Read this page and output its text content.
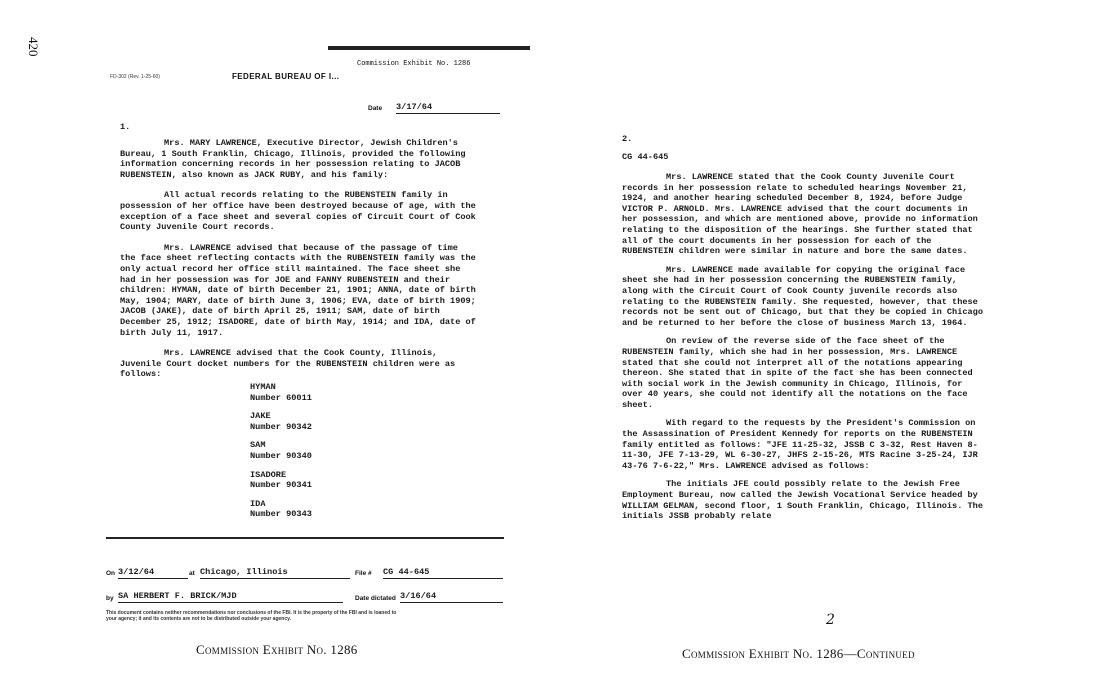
420
Commission Exhibit No. 1286
FD-302 (Rev. 1-25-60)	FEDERAL BUREAU OF I...
Date 3/17/64
1.

Mrs. MARY LAWRENCE, Executive Director, Jewish Children's Bureau, 1 South Franklin, Chicago, Illinois, provided the following information concerning records in her possession relating to JACOB RUBENSTEIN, also known as JACK RUBY, and his family:

All actual records relating to the RUBENSTEIN family in possession of her office have been destroyed because of age, with the exception of a face sheet and several copies of Circuit Court of Cook County Juvenile Court records.

Mrs. LAWRENCE advised that because of the passage of time the face sheet reflecting contacts with the RUBENSTEIN family was the only actual record her office still maintained. The face sheet she had in her possession was for JOE and FANNY RUBENSTEIN and their children: HYMAN, date of birth December 21, 1901; ANNA, date of birth May, 1904; MARY, date of birth June 3, 1906; EVA, date of birth 1909; JACOB (JAKE), date of birth April 25, 1911; SAM, date of birth December 25, 1912; ISADORE, date of birth May, 1914; and IDA, date of birth July 11, 1917.

Mrs. LAWRENCE advised that the Cook County, Illinois, Juvenile Court docket numbers for the RUBENSTEIN children were as follows:

HYMAN
Number 60011
JAKE
Number 90342
SAM
Number 90340
ISADORE
Number 90341
IDA
Number 90343
On 3/12/64	at Chicago, Illinois	File # CG 44-645
by SA HERBERT F. BRICK/MJD	Date dictated 3/16/64
This document contains neither recommendations nor conclusions of the FBI. It is the property of the FBI and is loaned to
your agency; it and its contents are not to be distributed outside your agency.
Commission Exhibit No. 1286
2.
CG 44-645

Mrs. LAWRENCE stated that the Cook County Juvenile Court records in her possession relate to scheduled hearings November 21, 1924, and another hearing scheduled December 8, 1924, before Judge VICTOR P. ARNOLD. Mrs. LAWRENCE advised that the court documents in her possession, and which are mentioned above, provide no information relating to the disposition of the hearings. She further stated that all of the court documents in her possession for each of the RUBENSTEIN children were similar in nature and bore the same dates.

Mrs. LAWRENCE made available for copying the original face sheet she had in her possession concerning the RUBENSTEIN family, along with the Circuit Court of Cook County juvenile records also relating to the RUBENSTEIN family. She requested, however, that these records not be sent out of Chicago, but that they be copied in Chicago and be returned to her before the close of business March 13, 1964.

On review of the reverse side of the face sheet of the RUBENSTEIN family, which she had in her possession, Mrs. LAWRENCE stated that she could not interpret all of the notations appearing thereon. She stated that in spite of the fact she has been connected with social work in the Jewish community in Chicago, Illinois, for over 40 years, she could not identify all the notations on the face sheet.

With regard to the requests by the President's Commission on the Assassination of President Kennedy for reports on the RUBENSTEIN family entitled as follows: "JFE 11-25-32, JSSB C 3-32, Rest Haven 8-11-30, JFE 7-13-29, WL 6-30-27, JHFS 2-15-26, MTS Racine 3-25-24, IJR 43-76 7-6-22," Mrs. LAWRENCE advised as follows:

The initials JFE could possibly relate to the Jewish Free Employment Bureau, now called the Jewish Vocational Service headed by WILLIAM GELMAN, second floor, 1 South Franklin, Chicago, Illinois. The initials JSSB probably relate

2
Commission Exhibit No. 1286—Continued
